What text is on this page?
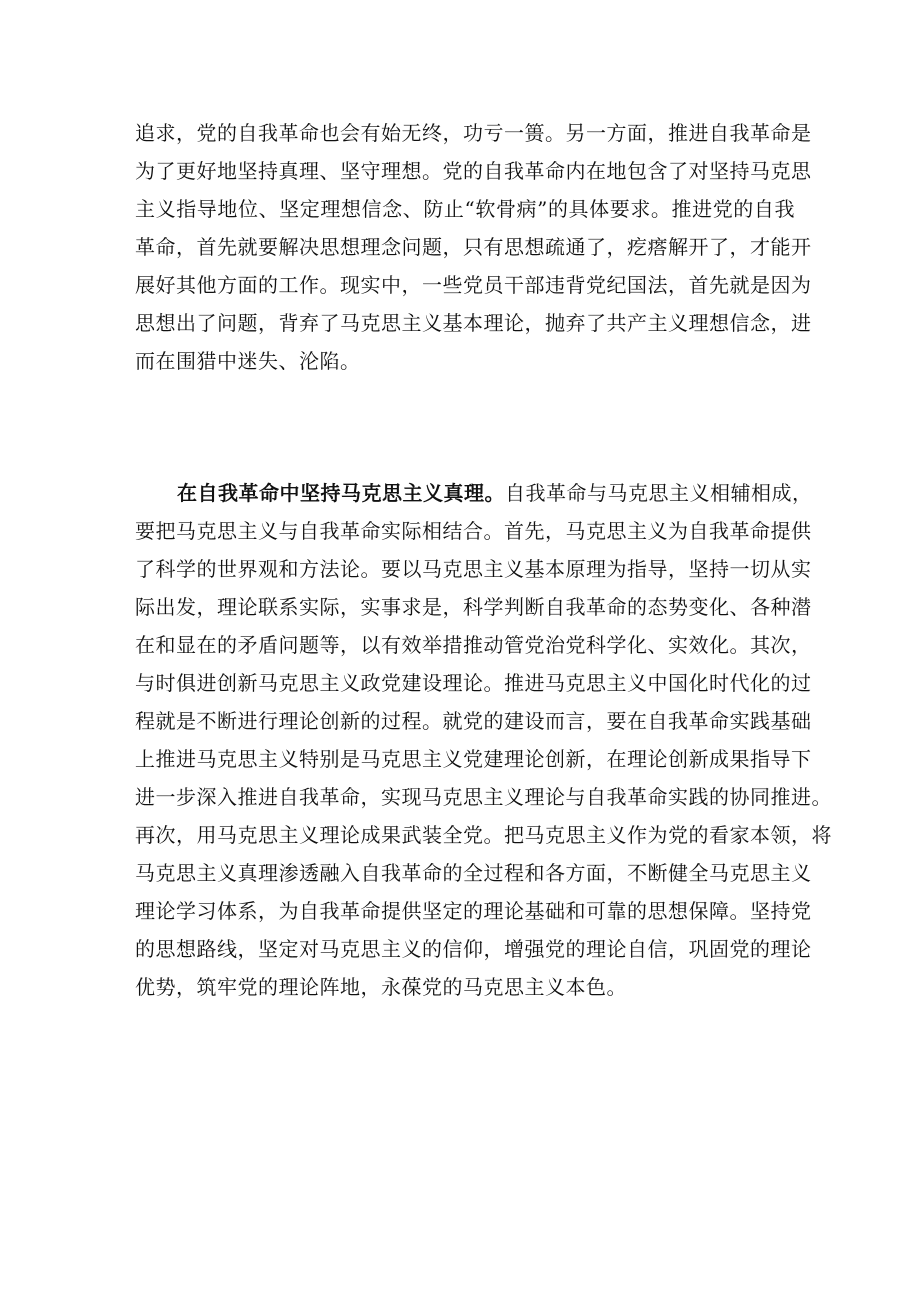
追求，党的自我革命也会有始无终，功亏一篑。另一方面，推进自我革命是
为了更好地坚持真理、坚守理想。党的自我革命内在地包含了对坚持马克思
主义指导地位、坚定理想信念、防止“软骨病”的具体要求。推进党的自我
革命，首先就要解决思想理念问题，只有思想疏通了，疙瘩解开了，才能开
展好其他方面的工作。现实中，一些党员干部违背党纪国法，首先就是因为
思想出了问题，背弃了马克思主义基本理论，抛弃了共产主义理想信念，进
而在围猎中迷失、沦陷。
在自我革命中坚持马克思主义真理。自我革命与马克思主义相辅相成，
要把马克思主义与自我革命实际相结合。首先，马克思主义为自我革命提供
了科学的世界观和方法论。要以马克思主义基本原理为指导，坚持一切从实
际出发，理论联系实际，实事求是，科学判断自我革命的态势变化、各种潜
在和显在的矛盾问题等，以有效举措推动管党治党科学化、实效化。其次，
与时俱进创新马克思主义政党建设理论。推进马克思主义中国化时代化的过
程就是不断进行理论创新的过程。就党的建设而言，要在自我革命实践基础
上推进马克思主义特别是马克思主义党建理论创新，在理论创新成果指导下
进一步深入推进自我革命，实现马克思主义理论与自我革命实践的协同推进。
再次，用马克思主义理论成果武装全党。把马克思主义作为党的看家本领，将
马克思主义真理渗透融入自我革命的全过程和各方面，不断健全马克思主义
理论学习体系，为自我革命提供坚定的理论基础和可靠的思想保障。坚持党
的思想路线，坚定对马克思主义的信仰，增强党的理论自信，巩固党的理论
优势，筑牢党的理论阵地，永葆党的马克思主义本色。
